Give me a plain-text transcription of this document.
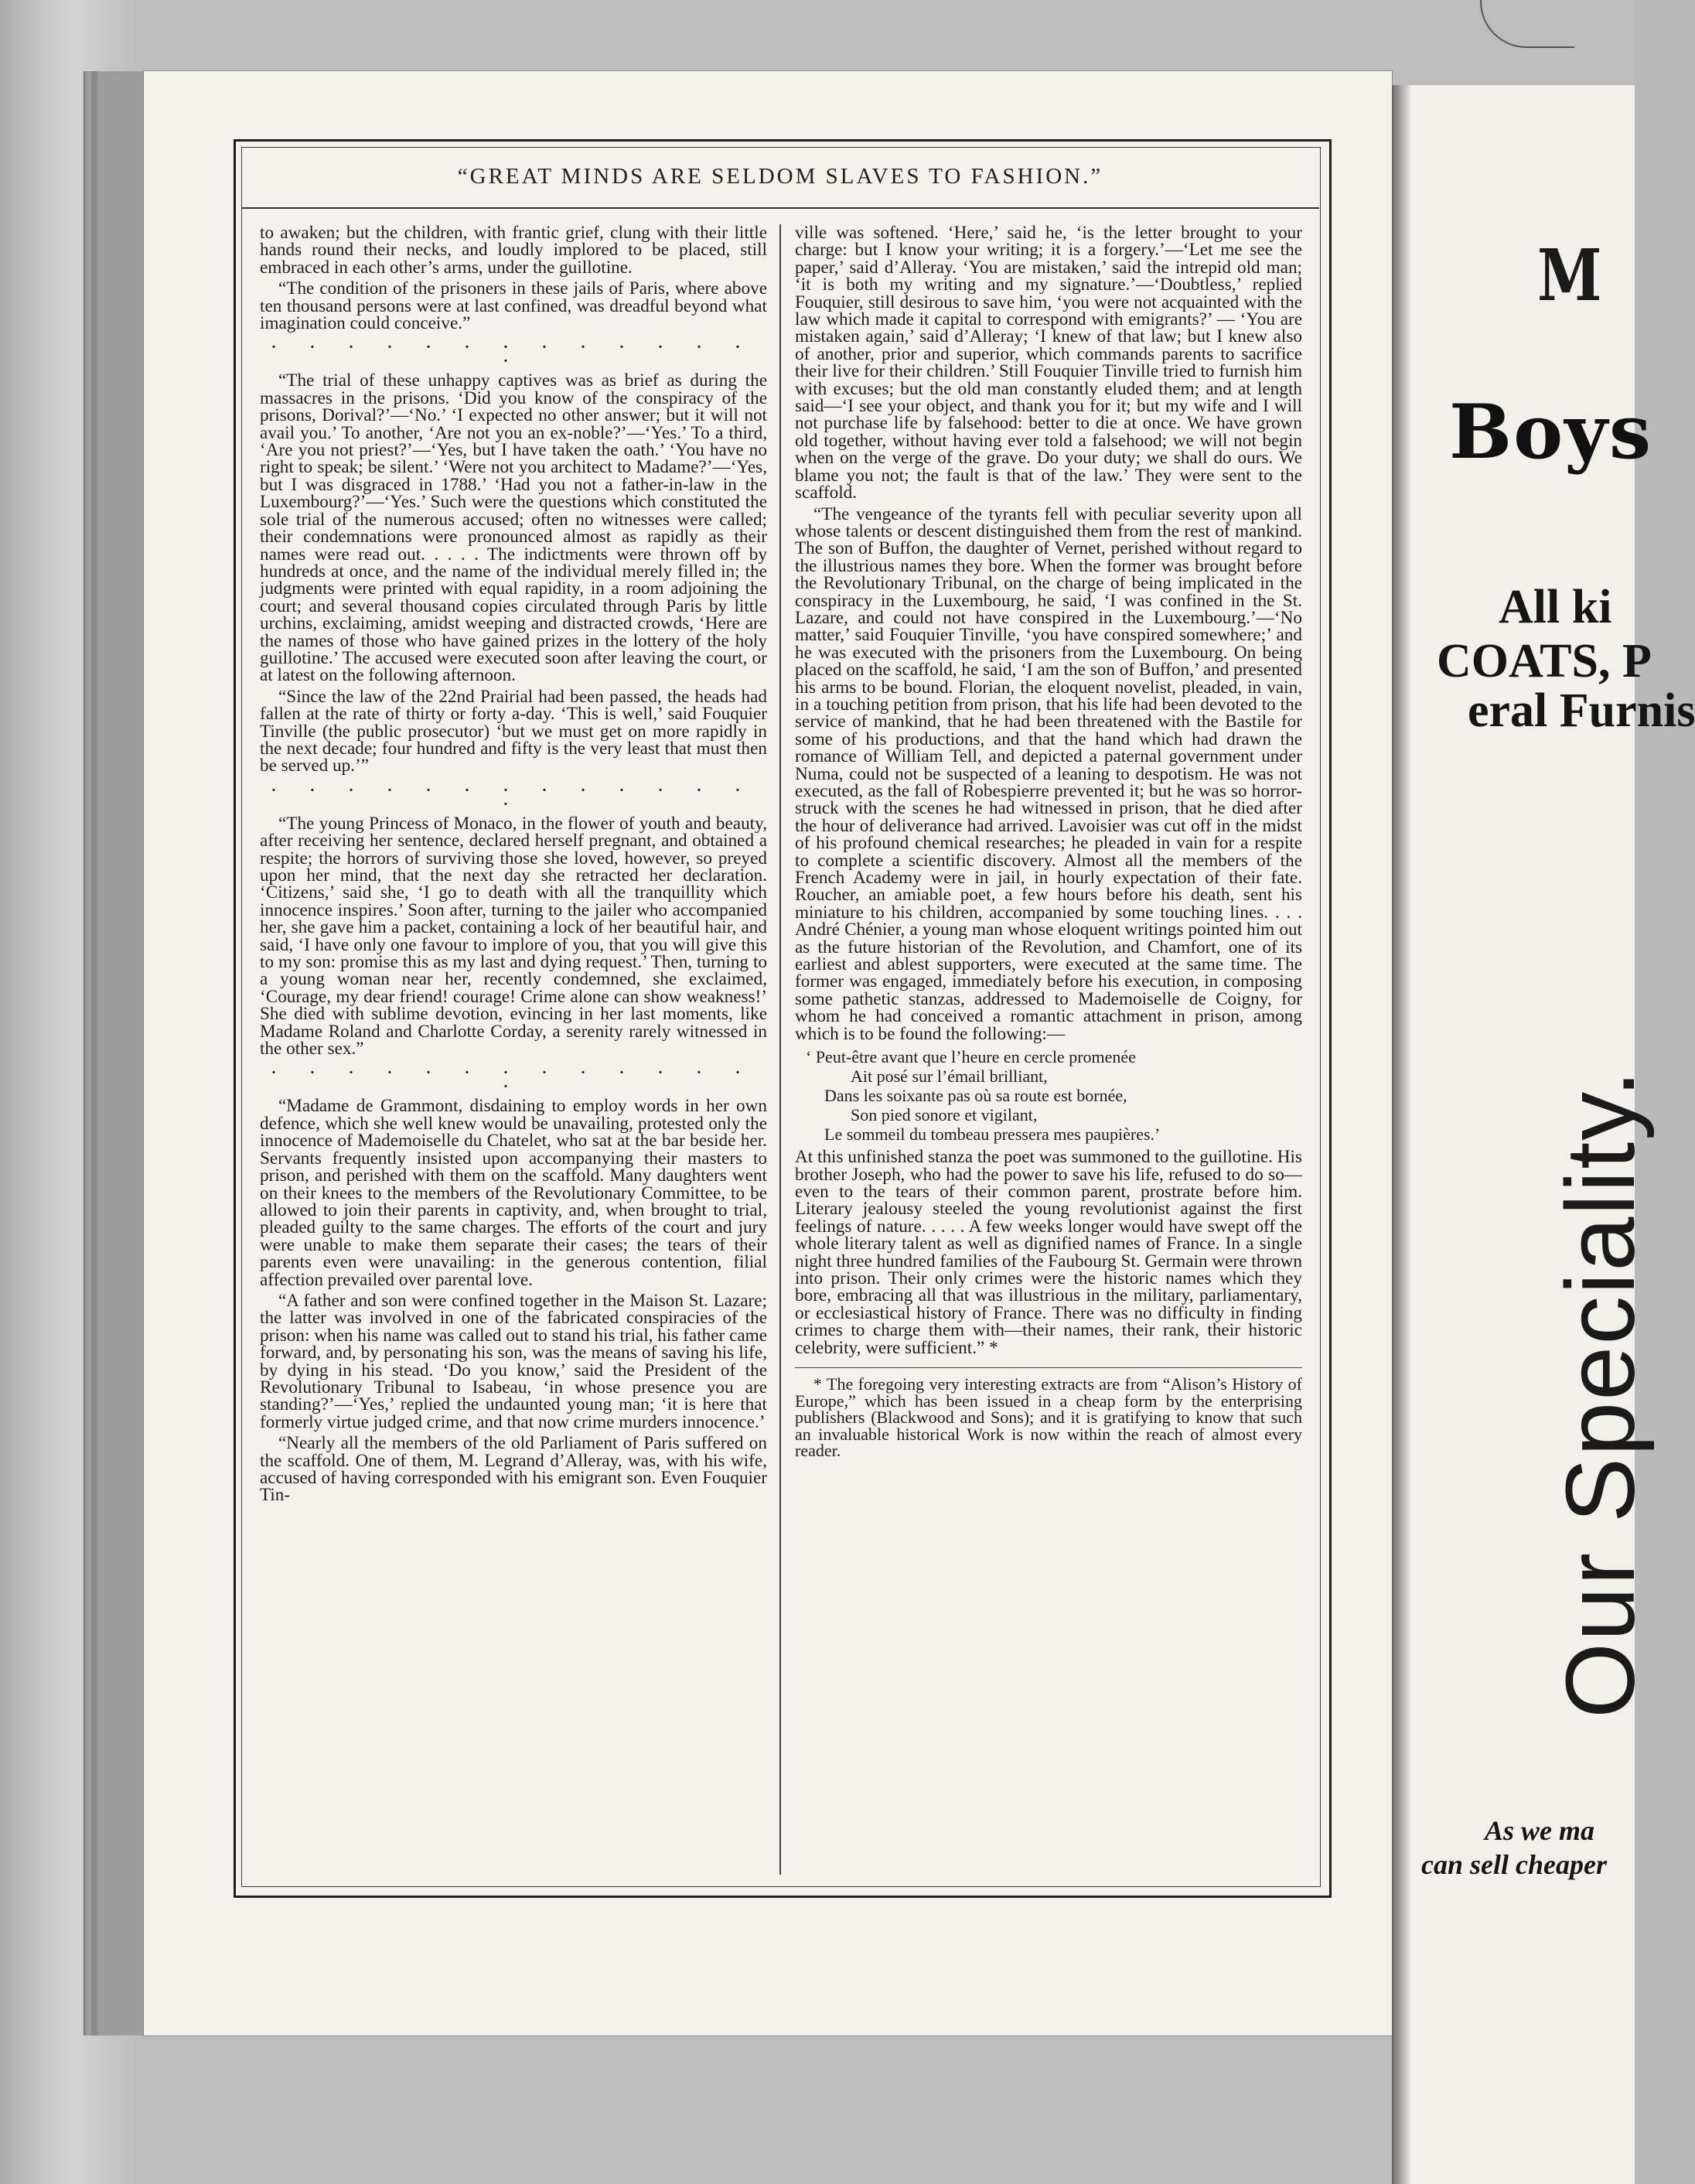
“GREAT MINDS ARE SELDOM SLAVES TO FASHION.”

to awaken; but the children, with frantic grief, clung with their little hands round their necks, and loudly implored to be placed, still embraced in each other’s arms, under the guillotine.

“The condition of the prisoners in these jails of Paris, where above ten thousand persons were at last confined, was dreadful beyond what imagination could conceive.”

. . . . . . . . . . . . . .

“The trial of these unhappy captives was as brief as during the massacres in the prisons. ‘Did you know of the conspiracy of the prisons, Dorival?’—‘No.’ ‘I expected no other answer; but it will not avail you.’ To another, ‘Are not you an ex-noble?’—‘Yes.’ To a third, ‘Are you not priest?’—‘Yes, but I have taken the oath.’ ‘You have no right to speak; be silent.’ ‘Were not you architect to Madame?’—‘Yes, but I was disgraced in 1788.’ ‘Had you not a father-in-law in the Luxembourg?’—‘Yes.’ Such were the questions which constituted the sole trial of the numerous accused; often no witnesses were called; their condemnations were pronounced almost as rapidly as their names were read out. . . . . The indictments were thrown off by hundreds at once, and the name of the individual merely filled in; the judgments were printed with equal rapidity, in a room adjoining the court; and several thousand copies circulated through Paris by little urchins, exclaiming, amidst weeping and distracted crowds, ‘Here are the names of those who have gained prizes in the lottery of the holy guillotine.’ The accused were executed soon after leaving the court, or at latest on the following afternoon.

“Since the law of the 22nd Prairial had been passed, the heads had fallen at the rate of thirty or forty a-day. ‘This is well,’ said Fouquier Tinville (the public prosecutor) ‘but we must get on more rapidly in the next decade; four hundred and fifty is the very least that must then be served up.’”

. . . . . . . . . . . . . .

“The young Princess of Monaco, in the flower of youth and beauty, after receiving her sentence, declared herself pregnant, and obtained a respite; the horrors of surviving those she loved, however, so preyed upon her mind, that the next day she retracted her declaration. ‘Citizens,’ said she, ‘I go to death with all the tranquillity which innocence inspires.’ Soon after, turning to the jailer who accompanied her, she gave him a packet, containing a lock of her beautiful hair, and said, ‘I have only one favour to implore of you, that you will give this to my son: promise this as my last and dying request.’ Then, turning to a young woman near her, recently condemned, she exclaimed, ‘Courage, my dear friend! courage! Crime alone can show weakness!’ She died with sublime devotion, evincing in her last moments, like Madame Roland and Charlotte Corday, a serenity rarely witnessed in the other sex.”

. . . . . . . . . . . . . .

“Madame de Grammont, disdaining to employ words in her own defence, which she well knew would be unavailing, protested only the innocence of Mademoiselle du Chatelet, who sat at the bar beside her. Servants frequently insisted upon accompanying their masters to prison, and perished with them on the scaffold. Many daughters went on their knees to the members of the Revolutionary Committee, to be allowed to join their parents in captivity, and, when brought to trial, pleaded guilty to the same charges. The efforts of the court and jury were unable to make them separate their cases; the tears of their parents even were unavailing: in the generous contention, filial affection prevailed over parental love.

“A father and son were confined together in the Maison St. Lazare; the latter was involved in one of the fabricated conspiracies of the prison: when his name was called out to stand his trial, his father came forward, and, by personating his son, was the means of saving his life, by dying in his stead. ‘Do you know,’ said the President of the Revolutionary Tribunal to Isabeau, ‘in whose presence you are standing?’—‘Yes,’ replied the undaunted young man; ‘it is here that formerly virtue judged crime, and that now crime murders innocence.’

“Nearly all the members of the old Parliament of Paris suffered on the scaffold. One of them, M. Legrand d’Alleray, was, with his wife, accused of having corresponded with his emigrant son. Even Fouquier Tin-

ville was softened. ‘Here,’ said he, ‘is the letter brought to your charge: but I know your writing; it is a forgery.’—‘Let me see the paper,’ said d’Alleray. ‘You are mistaken,’ said the intrepid old man; ‘it is both my writing and my signature.’—‘Doubtless,’ replied Fouquier, still desirous to save him, ‘you were not acquainted with the law which made it capital to correspond with emigrants?’ — ‘You are mistaken again,’ said d’Alleray; ‘I knew of that law; but I knew also of another, prior and superior, which commands parents to sacrifice their live for their children.’ Still Fouquier Tinville tried to furnish him with excuses; but the old man constantly eluded them; and at length said—‘I see your object, and thank you for it; but my wife and I will not purchase life by falsehood: better to die at once. We have grown old together, without having ever told a falsehood; we will not begin when on the verge of the grave. Do your duty; we shall do ours. We blame you not; the fault is that of the law.’ They were sent to the scaffold.

“The vengeance of the tyrants fell with peculiar severity upon all whose talents or descent distinguished them from the rest of mankind. The son of Buffon, the daughter of Vernet, perished without regard to the illustrious names they bore. When the former was brought before the Revolutionary Tribunal, on the charge of being implicated in the conspiracy in the Luxembourg, he said, ‘I was confined in the St. Lazare, and could not have conspired in the Luxembourg.’—‘No matter,’ said Fouquier Tinville, ‘you have conspired somewhere;’ and he was executed with the prisoners from the Luxembourg. On being placed on the scaffold, he said, ‘I am the son of Buffon,’ and presented his arms to be bound. Florian, the eloquent novelist, pleaded, in vain, in a touching petition from prison, that his life had been devoted to the service of mankind, that he had been threatened with the Bastile for some of his productions, and that the hand which had drawn the romance of William Tell, and depicted a paternal government under Numa, could not be suspected of a leaning to despotism. He was not executed, as the fall of Robespierre prevented it; but he was so horror-struck with the scenes he had witnessed in prison, that he died after the hour of deliverance had arrived. Lavoisier was cut off in the midst of his profound chemical researches; he pleaded in vain for a respite to complete a scientific discovery. Almost all the members of the French Academy were in jail, in hourly expectation of their fate. Roucher, an amiable poet, a few hours before his death, sent his miniature to his children, accompanied by some touching lines. . . . André Chénier, a young man whose eloquent writings pointed him out as the future historian of the Revolution, and Chamfort, one of its earliest and ablest supporters, were executed at the same time. The former was engaged, immediately before his execution, in composing some pathetic stanzas, addressed to Mademoiselle de Coigny, for whom he had conceived a romantic attachment in prison, among which is to be found the following:—

‘ Peut-être avant que l’heure en cercle promenée
Ait posé sur l’émail brilliant,
Dans les soixante pas où sa route est bornée,
Son pied sonore et vigilant,
Le sommeil du tombeau pressera mes paupières.’

At this unfinished stanza the poet was summoned to the guillotine. His brother Joseph, who had the power to save his life, refused to do so—even to the tears of their common parent, prostrate before him. Literary jealousy steeled the young revolutionist against the first feelings of nature. . . . . A few weeks longer would have swept off the whole literary talent as well as dignified names of France. In a single night three hundred families of the Faubourg St. Germain were thrown into prison. Their only crimes were the historic names which they bore, embracing all that was illustrious in the military, parliamentary, or ecclesiastical history of France. There was no difficulty in finding crimes to charge them with—their names, their rank, their historic celebrity, were sufficient.” *

* The foregoing very interesting extracts are from “Alison’s History of Europe,” which has been issued in a cheap form by the enterprising publishers (Blackwood and Sons); and it is gratifying to know that such an invaluable historical Work is now within the reach of almost every reader.

M
Boys
All ki
COATS, P
eral Furnis
Our Speciality.
As we ma
can sell cheaper
